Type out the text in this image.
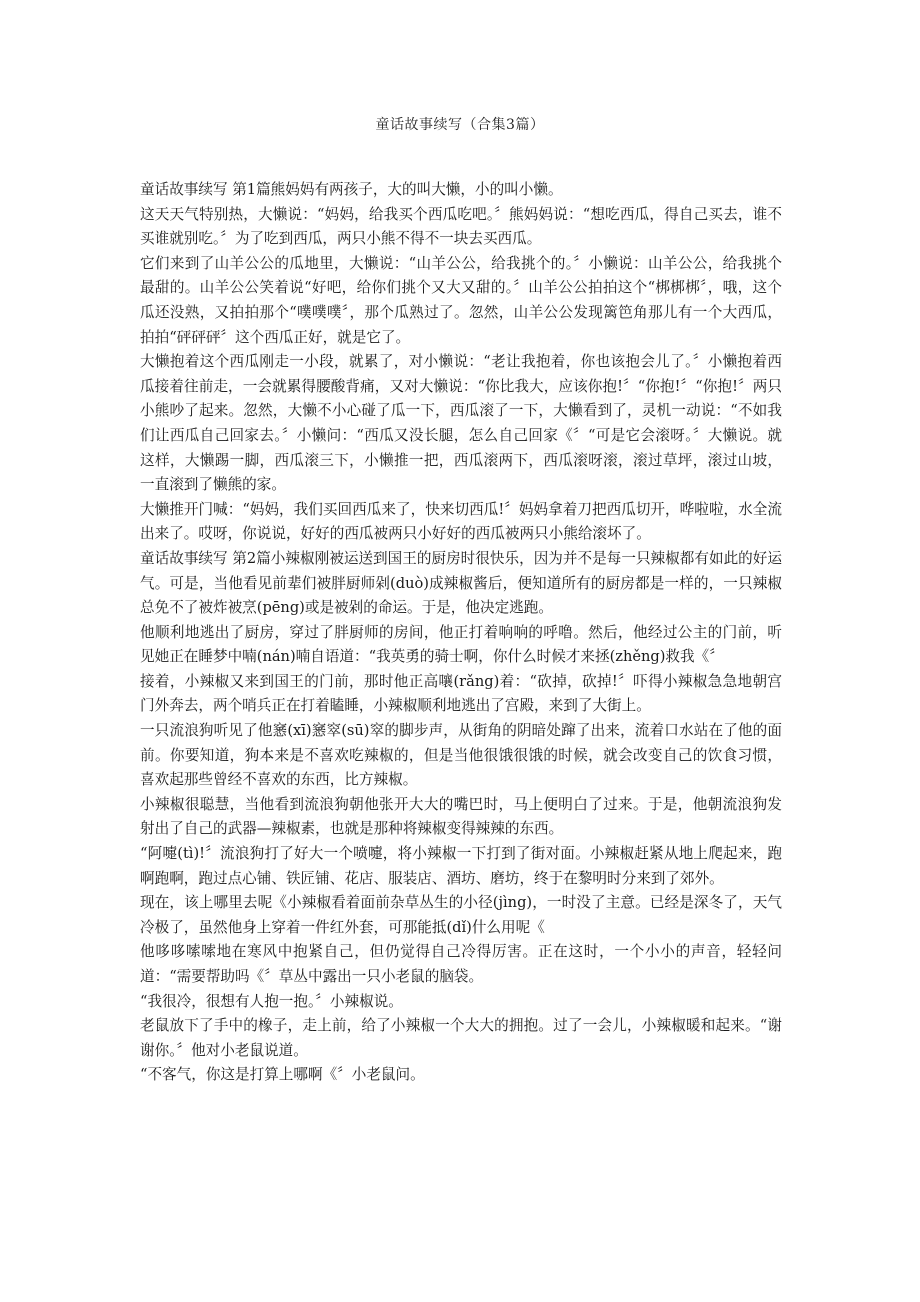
童话故事续写（合集3篇）

童话故事续写 第1篇熊妈妈有两孩子，大的叫大懒，小的叫小懒。

这天天气特别热，大懒说：“妈妈，给我买个西瓜吃吧。〞熊妈妈说：“想吃西瓜，得自己买去，谁不买谁就别吃。〞为了吃到西瓜，两只小熊不得不一块去买西瓜。

它们来到了山羊公公的瓜地里，大懒说：“山羊公公，给我挑个的。〞小懒说：山羊公公，给我挑个最甜的。山羊公公笑着说“好吧，给你们挑个又大又甜的。〞山羊公公拍拍这个“梆梆梆〞，哦，这个瓜还没熟，又拍拍那个“噗噗噗〞，那个瓜熟过了。忽然，山羊公公发现篱笆角那儿有一个大西瓜，拍拍“砰砰砰〞这个西瓜正好，就是它了。

大懒抱着这个西瓜刚走一小段，就累了，对小懒说：“老让我抱着，你也该抱会儿了。〞小懒抱着西瓜接着往前走，一会就累得腰酸背痛，又对大懒说：“你比我大，应该你抱!〞“你抱!〞“你抱!〞两只小熊吵了起来。忽然，大懒不小心碰了瓜一下，西瓜滚了一下，大懒看到了，灵机一动说：“不如我们让西瓜自己回家去。〞小懒问：“西瓜又没长腿，怎么自己回家《〞“可是它会滚呀。〞大懒说。就这样，大懒踢一脚，西瓜滚三下，小懒推一把，西瓜滚两下，西瓜滚呀滚，滚过草坪，滚过山坡，一直滚到了懒熊的家。

大懒推开门喊：“妈妈，我们买回西瓜来了，快来切西瓜!〞妈妈拿着刀把西瓜切开，哗啦啦，水全流出来了。哎呀，你说说，好好的西瓜被两只小好好的西瓜被两只小熊给滚坏了。

童话故事续写 第2篇小辣椒刚被运送到国王的厨房时很快乐，因为并不是每一只辣椒都有如此的好运气。可是，当他看见前辈们被胖厨师剁(duò)成辣椒酱后，便知道所有的厨房都是一样的，一只辣椒总免不了被炸被烹(pēng)或是被剁的命运。于是，他决定逃跑。

他顺利地逃出了厨房，穿过了胖厨师的房间，他正打着响响的呼噜。然后，他经过公主的门前，听见她正在睡梦中喃(nán)喃自语道：“我英勇的骑士啊，你什么时候才来拯(zhěng)救我《〞

接着，小辣椒又来到国王的门前，那时他正高嚷(rǎng)着：“砍掉，砍掉!〞吓得小辣椒急急地朝宫门外奔去，两个哨兵正在打着瞌睡，小辣椒顺利地逃出了宫殿，来到了大街上。

一只流浪狗听见了他窸(xī)窸窣(sū)窣的脚步声，从街角的阴暗处蹿了出来，流着口水站在了他的面前。你要知道，狗本来是不喜欢吃辣椒的，但是当他很饿很饿的时候，就会改变自己的饮食习惯，喜欢起那些曾经不喜欢的东西，比方辣椒。

小辣椒很聪慧，当他看到流浪狗朝他张开大大的嘴巴时，马上便明白了过来。于是，他朝流浪狗发射出了自己的武器—辣椒素，也就是那种将辣椒变得辣辣的东西。

“阿嚏(tì)!〞流浪狗打了好大一个喷嚏，将小辣椒一下打到了街对面。小辣椒赶紧从地上爬起来，跑啊跑啊，跑过点心铺、铁匠铺、花店、服装店、酒坊、磨坊，终于在黎明时分来到了郊外。

现在，该上哪里去呢《小辣椒看着面前杂草丛生的小径(jìng)，一时没了主意。已经是深冬了，天气冷极了，虽然他身上穿着一件红外套，可那能抵(dǐ)什么用呢《

他哆哆嗦嗦地在寒风中抱紧自己，但仍觉得自己冷得厉害。正在这时，一个小小的声音，轻轻问道：“需要帮助吗《〞草丛中露出一只小老鼠的脑袋。

“我很冷，很想有人抱一抱。〞小辣椒说。

老鼠放下了手中的橡子，走上前，给了小辣椒一个大大的拥抱。过了一会儿，小辣椒暖和起来。“谢谢你。〞他对小老鼠说道。

“不客气，你这是打算上哪啊《〞小老鼠问。
